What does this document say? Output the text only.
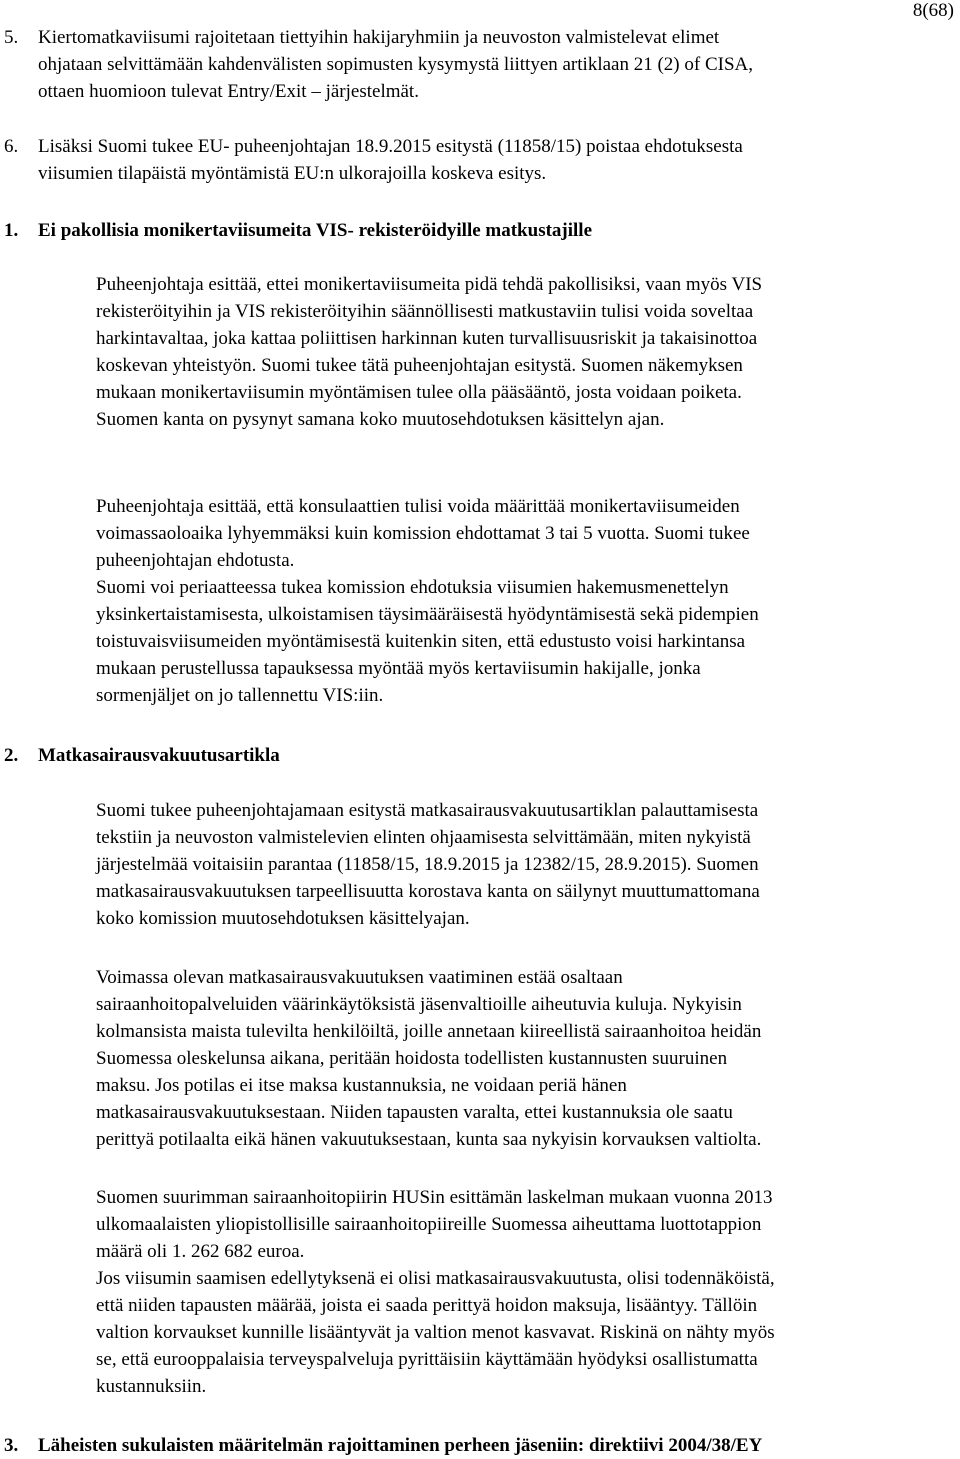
8(68)
5. Kiertomatkaviisumi rajoitetaan tiettyihin hakijaryhmiin ja neuvoston valmistelevat elimet
ohjataan selvittämään kahdenvälisten sopimusten kysymystä liittyen artiklaan 21 (2) of CISA,
ottaen huomioon tulevat Entry/Exit – järjestelmät.
6. Lisäksi Suomi tukee EU- puheenjohtajan 18.9.2015 esitystä (11858/15) poistaa ehdotuksesta
viisumien tilapäistä myöntämistä EU:n ulkorajoilla koskeva esitys.
1. Ei pakollisia monikertaviisumeita VIS- rekisteröidyille matkustajille
Puheenjohtaja esittää, ettei monikertaviisumeita pidä tehdä pakollisiksi, vaan myös VIS
rekisteröityihin ja VIS rekisteröityihin säännöllisesti matkustaviin tulisi voida soveltaa
harkintavaltaa, joka kattaa poliittisen harkinnan kuten turvallisuusriskit ja takaisinottoa
koskevan yhteistyön. Suomi tukee tätä puheenjohtajan esitystä. Suomen näkemyksen
mukaan monikertaviisumin myöntämisen tulee olla pääsääntö, josta voidaan poiketa.
Suomen kanta on pysynyt samana koko muutosehdotuksen käsittelyn ajan.
Puheenjohtaja esittää, että konsulaattien tulisi voida määrittää monikertaviisumeiden
voimassaoloaika lyhyemmäksi kuin komission ehdottamat 3 tai 5 vuotta. Suomi tukee
puheenjohtajan ehdotusta.
Suomi voi periaatteessa tukea komission ehdotuksia viisumien hakemusmenettelyn
yksinkertaistamisesta, ulkoistamisen täysimääräisestä hyödyntämisestä sekä pidempien
toistuvaisviisumeiden myöntämisestä kuitenkin siten, että edustusto voisi harkintansa
mukaan perustellussa tapauksessa myöntää myös kertaviisumin hakijalle, jonka
sormenjäljet on jo tallennettu VIS:iin.
2. Matkasairausvakuutusartikla
Suomi tukee puheenjohtajamaan esitystä matkasairausvakuutusartiklan palauttamisesta
tekstiin ja neuvoston valmistelevien elinten ohjaamisesta selvittämään, miten nykyistä
järjestelmää voitaisiin parantaa (11858/15, 18.9.2015 ja 12382/15, 28.9.2015). Suomen
matkasairausvakuutuksen tarpeellisuutta korostava kanta on säilynyt muuttumattomana
koko komission muutosehdotuksen käsittelyajan.
Voimassa olevan matkasairausvakuutuksen vaatiminen estää osaltaan
sairaanhoitopalveluiden väärinkäytöksistä jäsenvaltioille aiheutuvia kuluja. Nykyisin
kolmansista maista tulevilta henkilöiltä, joille annetaan kiireellistä sairaanhoitoa heidän
Suomessa oleskelunsa aikana, peritään hoidosta todellisten kustannusten suuruinen
maksu. Jos potilas ei itse maksa kustannuksia, ne voidaan periä hänen
matkasairausvakuutuksestaan. Niiden tapausten varalta, ettei kustannuksia ole saatu
perittyä potilaalta eikä hänen vakuutuksestaan, kunta saa nykyisin korvauksen valtiolta.
Suomen suurimman sairaanhoitopiirin HUSin esittämän laskelman mukaan vuonna 2013
ulkomaalaisten yliopistollisille sairaanhoitopiireille Suomessa aiheuttama luottotappion
määrä oli 1. 262 682 euroa.
Jos viisumin saamisen edellytyksenä ei olisi matkasairausvakuutusta, olisi todennäköistä,
että niiden tapausten määrää, joista ei saada perittyä hoidon maksuja, lisääntyy. Tällöin
valtion korvaukset kunnille lisääntyvät ja valtion menot kasvavat. Riskinä on nähty myös
se, että eurooppalaisia terveyspalveluja pyrittäisiin käyttämään hyödyksi osallistumatta
kustannuksiin.
3. Läheisten sukulaisten määritelmän rajoittaminen perheen jäseniin: direktiivi 2004/38/EY
